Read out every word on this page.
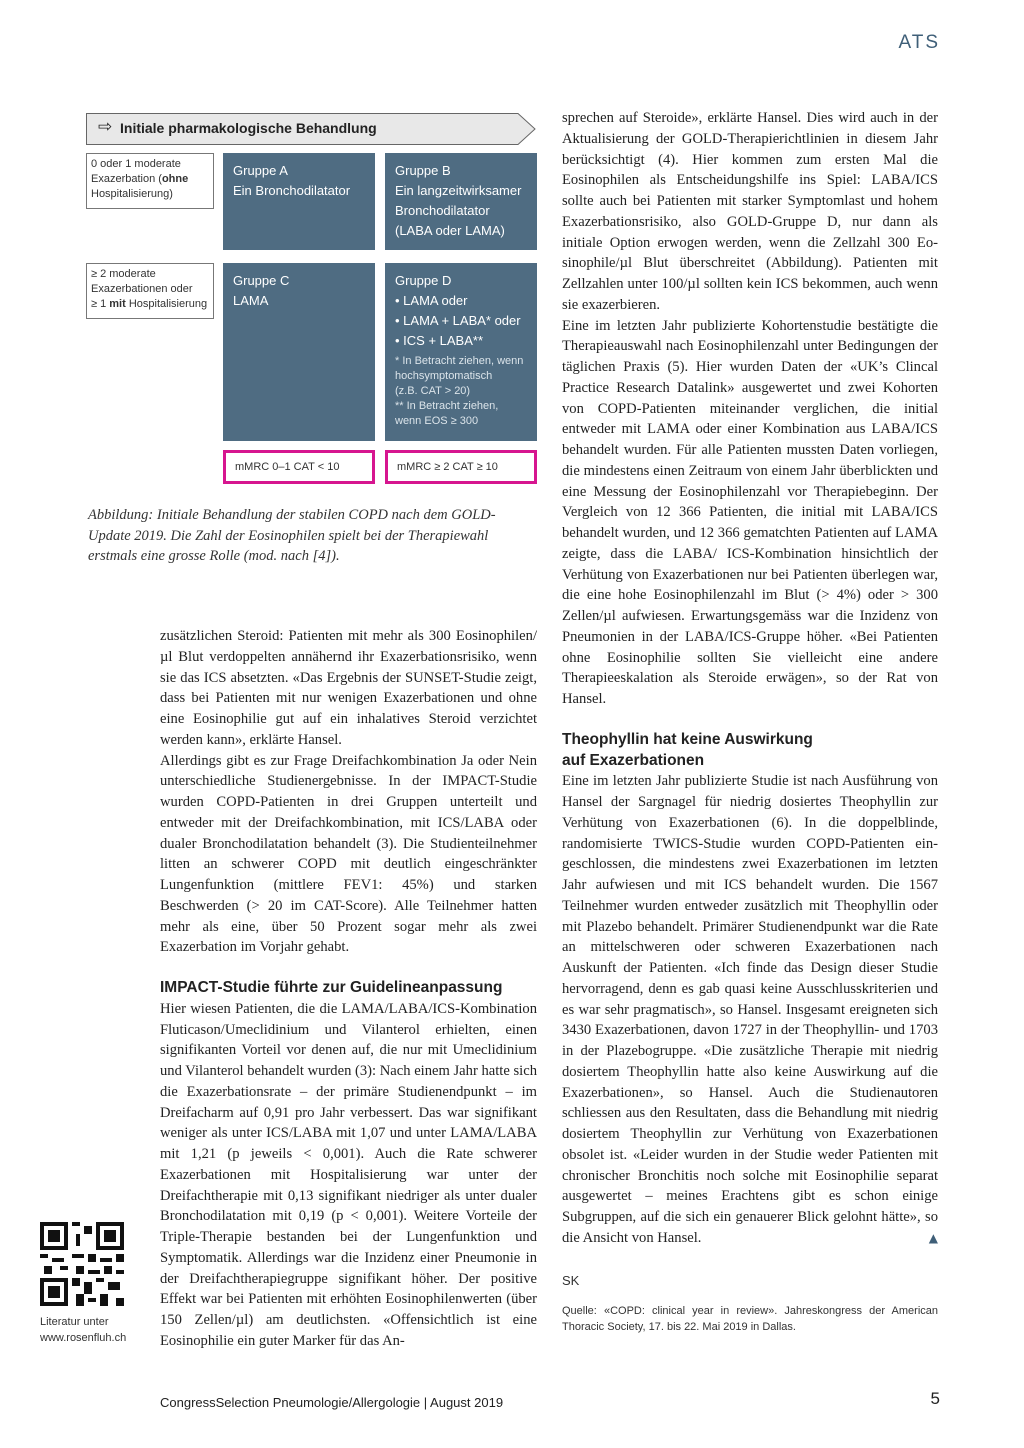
ATS
⇨ Initiale pharmakologische Behandlung
0 oder 1 moderate
Exazerbation (ohne
Hospitalisierung)
≥ 2 moderate
Exazerbationen oder
≥ 1 mit Hospitalisierung
Gruppe A
Ein Bronchodilatator
Gruppe B
Ein langzeitwirksamer
Bronchodilatator
(LABA oder LAMA)
Gruppe C
LAMA
Gruppe D
• LAMA oder
• LAMA + LABA* oder
• ICS + LABA**
* In Betracht ziehen, wenn
hochsymptomatisch
(z.B. CAT > 20)
** In Betracht ziehen,
wenn EOS ≥ 300
mMRC 0–1 CAT < 10	mMRC ≥ 2 CAT ≥ 10
Abbildung: Initiale Behandlung der stabilen COPD nach dem GOLD-
Update 2019. Die Zahl der Eosinophilen spielt bei der Therapiewahl
erstmals eine grosse Rolle (mod. nach [4]).

zusätzlichen Steroid: Patienten mit mehr als 300 Eosinophilen/µl Blut verdoppelten annähernd ihr Exazerbationsrisiko, wenn sie das ICS absetzten. «Das Ergebnis der SUNSET-Studie zeigt, dass bei Patienten mit nur wenigen Exazerbationen und ohne eine Eosinophilie gut auf ein inhalatives Steroid verzichtet werden kann», erklärte Hansel.

Allerdings gibt es zur Frage Dreifachkombination Ja oder Nein unterschiedliche Studienergebnisse. In der IMPACT-Studie wurden COPD-Patienten in drei Gruppen unterteilt und entweder mit der Dreifachkombination, mit ICS/LABA oder dualer Bronchodilatation behandelt (3). Die Studienteilnehmer litten an schwerer COPD mit deutlich eingeschränkter Lungenfunktion (mittlere FEV1: 45%) und starken Beschwerden (> 20 im CAT-Score). Alle Teilnehmer hatten mehr als eine, über 50 Prozent sogar mehr als zwei Exazerbation im Vorjahr gehabt.

IMPACT-Studie führte zur Guidelineanpassung

Hier wiesen Patienten, die die LAMA/LABA/ICS-Kombination Fluticason/Umeclidinium und Vilanterol erhielten, einen signifikanten Vorteil vor denen auf, die nur mit Umeclidinium und Vilanterol behandelt wurden (3): Nach einem Jahr hatte sich die Exazerbationsrate – der primäre Studienendpunkt – im Dreifacharm auf 0,91 pro Jahr verbessert. Das war signifikant weniger als unter ICS/LABA mit 1,07 und unter LAMA/LABA mit 1,21 (p jeweils < 0,001). Auch die Rate schwerer Exazerbationen mit Hospitalisierung war unter der Dreifachtherapie mit 0,13 signifikant niedriger als unter dualer Bronchodilatation mit 0,19 (p < 0,001). Weitere Vorteile der Triple-Therapie bestanden bei der Lungenfunktion und Symptomatik. Allerdings war die Inzidenz einer Pneumonie in der Dreifachtherapiegruppe signifikant höher. Der positive Effekt war bei Patienten mit erhöhten Eosinophilenwerten (über 150 Zellen/µl) am deutlichsten. «Offensichtlich ist eine Eosinophilie ein guter Marker für das An-

Literatur unter
www.rosenfluh.ch

sprechen auf Steroide», erklärte Hansel. Dies wird auch in der Aktualisierung der GOLD-Therapierichtlinien in diesem Jahr berücksichtigt (4). Hier kommen zum ersten Mal die Eosinophilen als Entscheidungshilfe ins Spiel: LABA/ICS sollte auch bei Patienten mit starker Symptomlast und hohem Exazerbationsrisiko, also GOLD-Gruppe D, nur dann als initiale Option erwogen werden, wenn die Zellzahl 300 Eosinophile/µl Blut überschreitet (Abbildung). Patienten mit Zellzahlen unter 100/µl sollten kein ICS bekommen, auch wenn sie exazerbieren.

Eine im letzten Jahr publizierte Kohortenstudie bestätigte die Therapieauswahl nach Eosinophilenzahl unter Bedingungen der täglichen Praxis (5). Hier wurden Daten der «UK’s Clincal Practice Research Datalink» ausgewertet und zwei Kohorten von COPD-Patienten miteinander verglichen, die initial entweder mit LAMA oder einer Kombination aus LABA/ICS behandelt wurden. Für alle Patienten mussten Daten vorliegen, die mindestens einen Zeitraum von einem Jahr überblickten und eine Messung der Eosinophilenzahl vor Therapiebeginn. Der Vergleich von 12 366 Patienten, die initial mit LABA/ICS behandelt wurden, und 12 366 gematchten Patienten auf LAMA zeigte, dass die LABA/ ICS-Kombination hinsichtlich der Verhütung von Exazerbationen nur bei Patienten überlegen war, die eine hohe Eosinophilenzahl im Blut (> 4%) oder > 300 Zellen/µl aufwiesen. Erwartungsgemäss war die Inzidenz von Pneumonien in der LABA/ICS-Gruppe höher. «Bei Patienten ohne Eosinophilie sollten Sie vielleicht eine andere Therapieeskalation als Steroide erwägen», so der Rat von Hansel.

Theophyllin hat keine Auswirkung
auf Exazerbationen

Eine im letzten Jahr publizierte Studie ist nach Ausführung von Hansel der Sargnagel für niedrig dosiertes Theophyllin zur Verhütung von Exazerbationen (6). In die doppelblinde, randomisierte TWICS-Studie wurden COPD-Patienten eingeschlossen, die mindestens zwei Exazerbationen im letzten Jahr aufwiesen und mit ICS behandelt wurden. Die 1567 Teilnehmer wurden entweder zusätzlich mit Theophyllin oder mit Plazebo behandelt. Primärer Studienendpunkt war die Rate an mittelschweren oder schweren Exazerbationen nach Auskunft der Patienten. «Ich finde das Design dieser Studie hervorragend, denn es gab quasi keine Ausschlusskriterien und es war sehr pragmatisch», so Hansel. Insgesamt ereigneten sich 3430 Exazerbationen, davon 1727 in der Theophyllin- und 1703 in der Plazebogruppe. «Die zusätzliche Therapie mit niedrig dosiertem Theophyllin hatte also keine Auswirkung auf die Exazerbationen», so Hansel. Auch die Studienautoren schliessen aus den Resultaten, dass die Behandlung mit niedrig dosiertem Theophyllin zur Verhütung von Exazerbationen obsolet ist. «Leider wurden in der Studie weder Patienten mit chronischer Bronchitis noch solche mit Eosinophilie separat ausgewertet – meines Erachtens gibt es schon einige Subgruppen, auf die sich ein genauerer Blick gelohnt hätte», so die Ansicht von Hansel.	▲

SK
Quelle: «COPD: clinical year in review». Jahreskongress der American Thoracic Society, 17. bis 22. Mai 2019 in Dallas.
CongressSelection Pneumologie/Allergologie | August 2019	5
